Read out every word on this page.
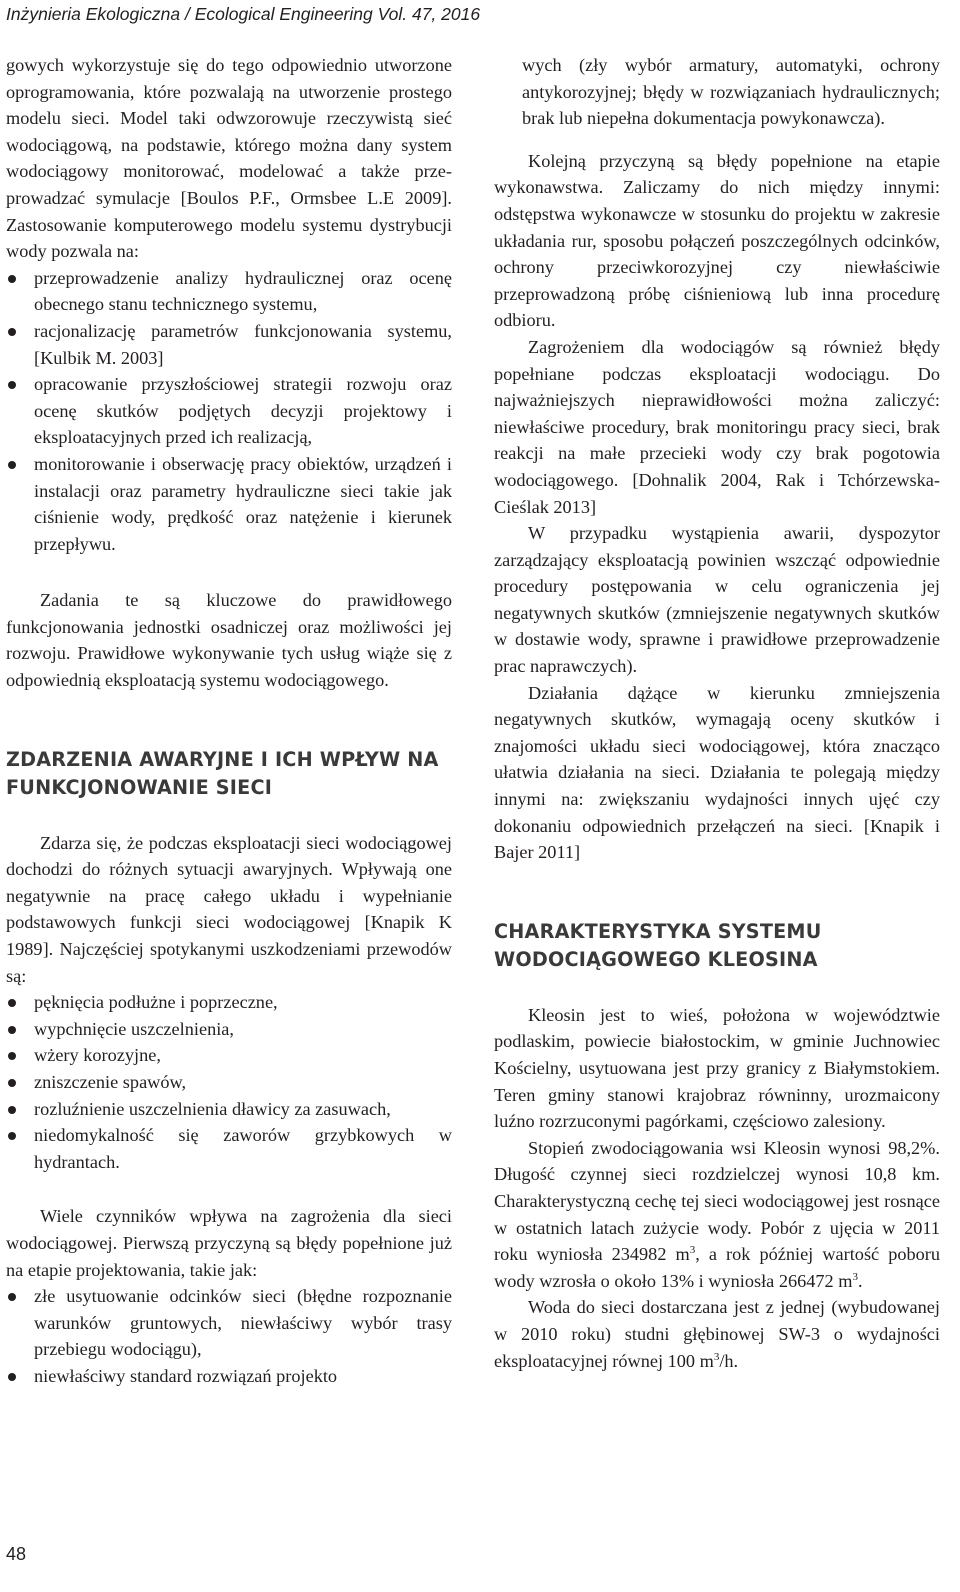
Inżynieria Ekologiczna / Ecological Engineering Vol. 47, 2016

gowych wykorzystuje się do tego odpowiednio utworzone oprogramowania, które pozwalają na utworzenie prostego modelu sieci. Model taki odwzorowuje rzeczywistą sieć wodociągową, na podstawie, którego można dany system wodociągowy monitorować, modelować a także przeprowadzać symulacje [Boulos P.F., Ormsbee L.E 2009]. Zastosowanie komputerowego modelu systemu dystrybucji wody pozwala na:

przeprowadzenie analizy hydraulicznej oraz ocenę obecnego stanu technicznego systemu,
racjonalizację parametrów funkcjonowania systemu, [Kulbik M. 2003]
opracowanie przyszłościowej strategii rozwoju oraz ocenę skutków podjętych decyzji projektowy i eksploatacyjnych przed ich realizacją,
monitorowanie i obserwację pracy obiektów, urządzeń i instalacji oraz parametry hydrauliczne sieci takie jak ciśnienie wody, prędkość oraz natężenie i kierunek przepływu.

Zadania te są kluczowe do prawidłowego funkcjonowania jednostki osadniczej oraz możliwości jej rozwoju. Prawidłowe wykonywanie tych usług wiąże się z odpowiednią eksploatacją systemu wodociągowego.

ZDARZENIA AWARYJNE I ICH WPŁYW NA FUNKCJONOWANIE SIECI

Zdarza się, że podczas eksploatacji sieci wodociągowej dochodzi do różnych sytuacji awaryjnych. Wpływają one negatywnie na pracę całego układu i wypełnianie podstawowych funkcji sieci wodociągowej [Knapik K 1989]. Najczęściej spotykanymi uszkodzeniami przewodów są:

pęknięcia podłużne i poprzeczne,
wypchnięcie uszczelnienia,
wżery korozyjne,
zniszczenie spawów,
rozluźnienie uszczelnienia dławicy za zasuwach,
niedomykalność się zaworów grzybkowych w hydrantach.

Wiele czynników wpływa na zagrożenia dla sieci wodociągowej. Pierwszą przyczyną są błędy popełnione już na etapie projektowania, takie jak:

złe usytuowanie odcinków sieci (błędne rozpoznanie warunków gruntowych, niewłaściwy wybór trasy przebiegu wodociągu),
niewłaściwy standard rozwiązań projekto

wych (zły wybór armatury, automatyki, ochrony antykorozyjnej; błędy w rozwiązaniach hydraulicznych; brak lub niepełna dokumentacja powykonawcza).

Kolejną przyczyną są błędy popełnione na etapie wykonawstwa. Zaliczamy do nich między innymi: odstępstwa wykonawcze w stosunku do projektu w zakresie układania rur, sposobu połączeń poszczególnych odcinków, ochrony przeciwkorozyjnej czy niewłaściwie przeprowadzoną próbę ciśnieniową lub inna procedurę odbioru.

Zagrożeniem dla wodociągów są również błędy popełniane podczas eksploatacji wodociągu. Do najważniejszych nieprawidłowości można zaliczyć: niewłaściwe procedury, brak monitoringu pracy sieci, brak reakcji na małe przecieki wody czy brak pogotowia wodociągowego. [Dohnalik 2004, Rak i Tchórzewska-Cieślak 2013]

W przypadku wystąpienia awarii, dyspozytor zarządzający eksploatacją powinien wszcząć odpowiednie procedury postępowania w celu ograniczenia jej negatywnych skutków (zmniejszenie negatywnych skutków w dostawie wody, sprawne i prawidłowe przeprowadzenie prac naprawczych).

Działania dążące w kierunku zmniejszenia negatywnych skutków, wymagają oceny skutków i znajomości układu sieci wodociągowej, która znacząco ułatwia działania na sieci. Działania te polegają między innymi na: zwiększaniu wydajności innych ujęć czy dokonaniu odpowiednich przełączeń na sieci. [Knapik i Bajer 2011]

CHARAKTERYSTYKA SYSTEMU WODOCIĄGOWEGO KLEOSINA

Kleosin jest to wieś, położona w województwie podlaskim, powiecie białostockim, w gminie Juchnowiec Kościelny, usytuowana jest przy granicy z Białymstokiem. Teren gminy stanowi krajobraz równinny, urozmaicony luźno rozrzuconymi pagórkami, częściowo zalesiony.

Stopień zwodociągowania wsi Kleosin wynosi 98,2%. Długość czynnej sieci rozdzielczej wynosi 10,8 km. Charakterystyczną cechę tej sieci wodociągowej jest rosnące w ostatnich latach zużycie wody. Pobór z ujęcia w 2011 roku wyniosła 234982 $m^3$, a rok później wartość poboru wody wzrosła o około 13% i wyniosła 266472 $m^3$.

Woda do sieci dostarczana jest z jednej (wybudowanej w 2010 roku) studni głębinowej SW-3 o wydajności eksploatacyjnej równej 100 $m^3/h$.

48
